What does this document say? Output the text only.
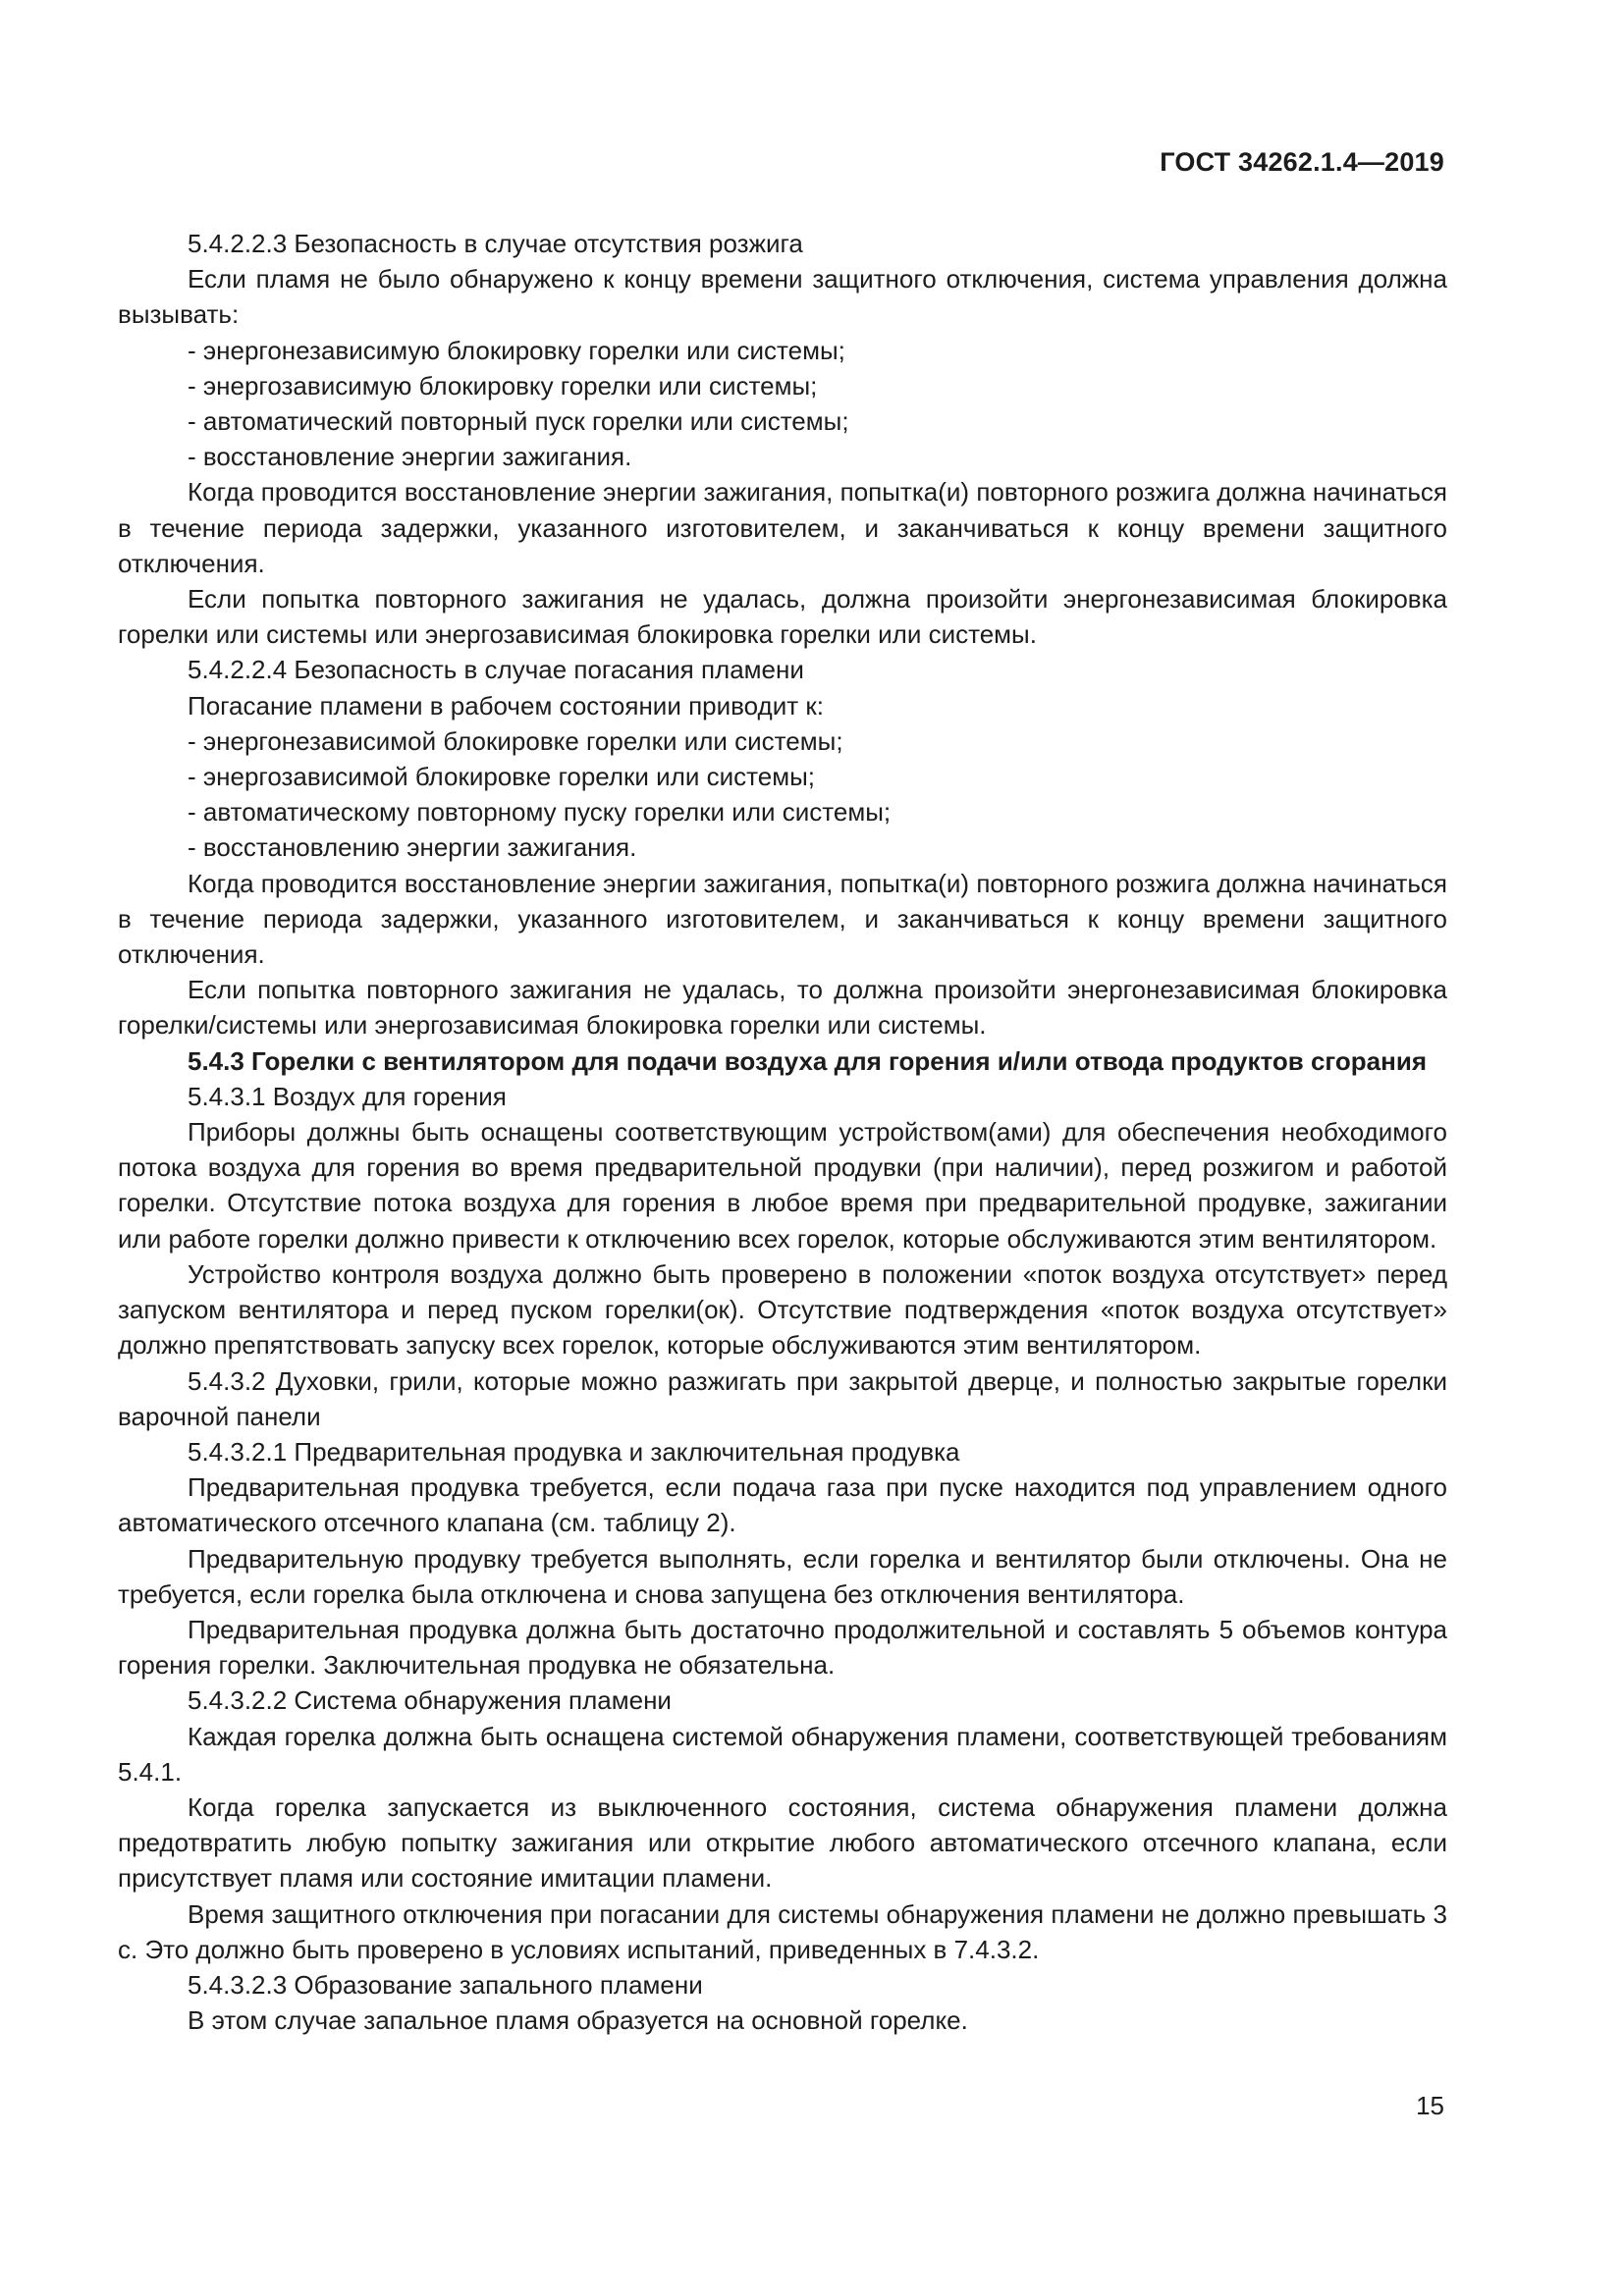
ГОСТ 34262.1.4—2019

5.4.2.2.3 Безопасность в случае отсутствия розжига

Если пламя не было обнаружено к концу времени защитного отключения, система управления должна вызывать:

- энергонезависимую блокировку горелки или системы;

- энергозависимую блокировку горелки или системы;

- автоматический повторный пуск горелки или системы;

- восстановление энергии зажигания.

Когда проводится восстановление энергии зажигания, попытка(и) повторного розжига должна начинаться в течение периода задержки, указанного изготовителем, и заканчиваться к концу времени защитного отключения.

Если попытка повторного зажигания не удалась, должна произойти энергонезависимая блокировка горелки или системы или энергозависимая блокировка горелки или системы.

5.4.2.2.4 Безопасность в случае погасания пламени

Погасание пламени в рабочем состоянии приводит к:

- энергонезависимой блокировке горелки или системы;

- энергозависимой блокировке горелки или системы;

- автоматическому повторному пуску горелки или системы;

- восстановлению энергии зажигания.

Когда проводится восстановление энергии зажигания, попытка(и) повторного розжига должна начинаться в течение периода задержки, указанного изготовителем, и заканчиваться к концу времени защитного отключения.

Если попытка повторного зажигания не удалась, то должна произойти энергонезависимая блокировка горелки/системы или энергозависимая блокировка горелки или системы.

5.4.3 Горелки с вентилятором для подачи воздуха для горения и/или отвода продуктов сгорания

5.4.3.1 Воздух для горения

Приборы должны быть оснащены соответствующим устройством(ами) для обеспечения необходимого потока воздуха для горения во время предварительной продувки (при наличии), перед розжигом и работой горелки. Отсутствие потока воздуха для горения в любое время при предварительной продувке, зажигании или работе горелки должно привести к отключению всех горелок, которые обслуживаются этим вентилятором.

Устройство контроля воздуха должно быть проверено в положении «поток воздуха отсутствует» перед запуском вентилятора и перед пуском горелки(ок). Отсутствие подтверждения «поток воздуха отсутствует» должно препятствовать запуску всех горелок, которые обслуживаются этим вентилятором.

5.4.3.2 Духовки, грили, которые можно разжигать при закрытой дверце, и полностью закрытые горелки варочной панели

5.4.3.2.1 Предварительная продувка и заключительная продувка

Предварительная продувка требуется, если подача газа при пуске находится под управлением одного автоматического отсечного клапана (см. таблицу 2).

Предварительную продувку требуется выполнять, если горелка и вентилятор были отключены. Она не требуется, если горелка была отключена и снова запущена без отключения вентилятора.

Предварительная продувка должна быть достаточно продолжительной и составлять 5 объемов контура горения горелки. Заключительная продувка не обязательна.

5.4.3.2.2 Система обнаружения пламени

Каждая горелка должна быть оснащена системой обнаружения пламени, соответствующей требованиям 5.4.1.

Когда горелка запускается из выключенного состояния, система обнаружения пламени должна предотвратить любую попытку зажигания или открытие любого автоматического отсечного клапана, если присутствует пламя или состояние имитации пламени.

Время защитного отключения при погасании для системы обнаружения пламени не должно превышать 3 с. Это должно быть проверено в условиях испытаний, приведенных в 7.4.3.2.

5.4.3.2.3 Образование запального пламени

В этом случае запальное пламя образуется на основной горелке.

15
